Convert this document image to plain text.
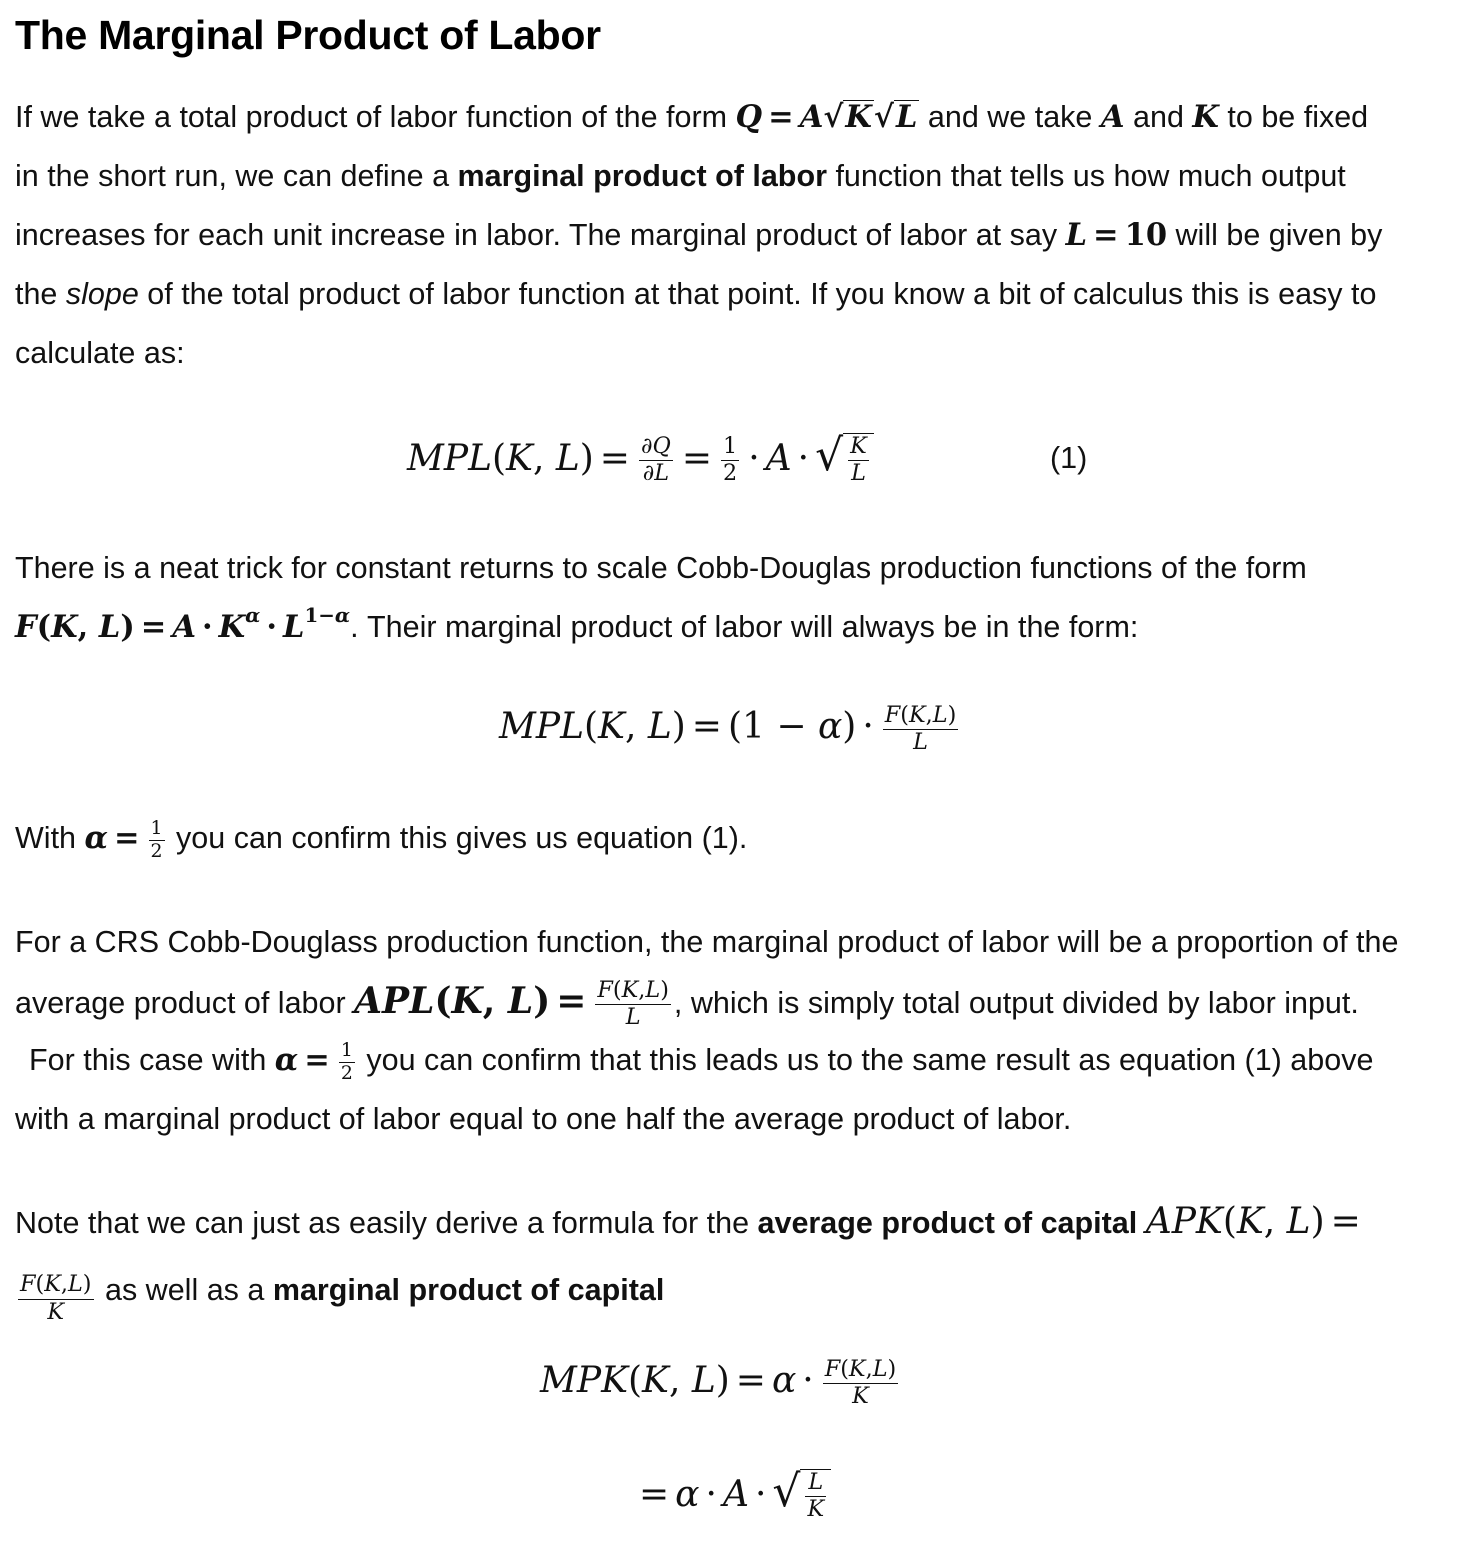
The Marginal Product of Labor
If we take a total product of labor function of the form Q = A√K√L and we take A and K to be fixed
in the short run, we can define a marginal product of labor function that tells us how much output
increases for each unit increase in labor. The marginal product of labor at say L = 10 will be given by
the slope of the total product of labor function at that point. If you know a bit of calculus this is easy to
calculate as:
MPL(K, $L) = \frac{\partial Q}{\partial L} = \frac{1}{2} \cdot A$ · √ $\frac{K}{L}$	(1)
There is a neat trick for constant returns to scale Cobb-Douglas production functions of the form
F(K, $L) = A \cdot K^\alpha \cdot L^{1-\alpha}$. Their marginal product of labor will always be in the form:
MPL(K, $L) = (1 - \alpha) \cdot \frac{F(K,L)}{L}$
With $\alpha = \frac{1}{2}$ you can confirm this gives us equation (1).
For a CRS Cobb-Douglass production function, the marginal product of labor will be a proportion of the
average product of labor APL(K, $L) = \frac{F(K,L)}{L}$ , which is simply total output divided by labor input.
For this case with $\alpha = \frac{1}{2}$ you can confirm that this leads us to the same result as equation (1) above
with a marginal product of labor equal to one half the average product of labor.
Note that we can just as easily derive a formula for the average product of capital APK(K, L) =
$\frac{F(K,L)}{K}$ as well as a marginal product of capital
MPK(K, $L) = \alpha \cdot \frac{F(K,L)}{K}$
= α · A · √ $\frac{L}{K}$
